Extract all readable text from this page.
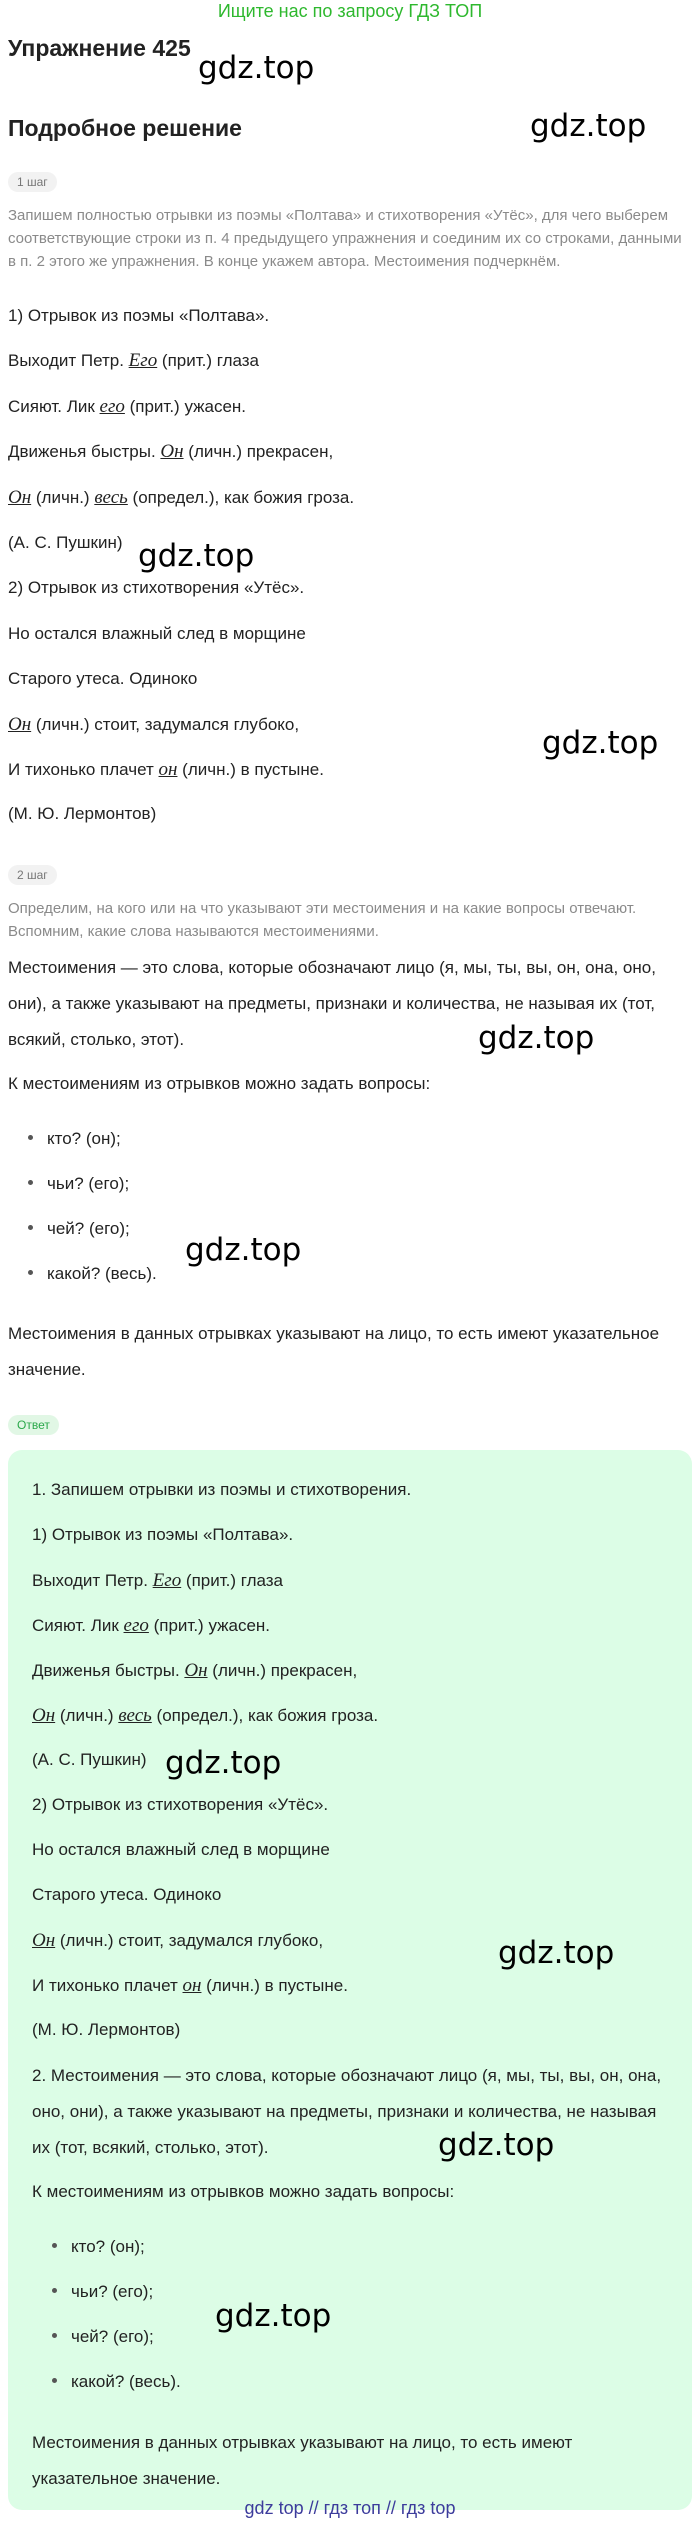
Ищите нас по запросу ГДЗ ТОП
Упражнение 425
gdz.top
Подробное решение	gdz.top
1 шаг
Запишем полностью отрывки из поэмы «Полтава» и стихотворения «Утёс», для чего выберем соответствующие строки из п. 4 предыдущего упражнения и соединим их со строками, данными в п. 2 этого же упражнения. В конце укажем автора. Местоимения подчеркнём.
1) Отрывок из поэмы «Полтава».
Выходит Петр. Его (прит.) глаза
Сияют. Лик его (прит.) ужасен.
Движенья быстры. Он (личн.) прекрасен,
Он (личн.) весь (определ.), как божия гроза.
(А. С. Пушкин) gdz.top
2) Отрывок из стихотворения «Утёс».
Но остался влажный след в морщине
Старого утеса. Одиноко
Он (личн.) стоит, задумался глубоко,
gdz.top
И тихонько плачет он (личн.) в пустыне.
(М. Ю. Лермонтов)
2 шаг
Определим, на кого или на что указывают эти местоимения и на какие вопросы отвечают. Вспомним, какие слова называются местоимениями.
Местоимения — это слова, которые обозначают лицо (я, мы, ты, вы, он, она, оно, они), а также указывают на предметы, признаки и количества, не называя их (тот, всякий, столько, этот).	gdz.top
К местоимениям из отрывков можно задать вопросы:
кто? (он);
чьи? (его);
чей? (его);
какой? (весь).
gdz.top
Местоимения в данных отрывках указывают на лицо, то есть имеют указательное значение.
Ответ
1. Запишем отрывки из поэмы и стихотворения.
1) Отрывок из поэмы «Полтава».
Выходит Петр. Его (прит.) глаза
Сияют. Лик его (прит.) ужасен.
Движенья быстры. Он (личн.) прекрасен,
Он (личн.) весь (определ.), как божия гроза.
(А. С. Пушкин) gdz.top
2) Отрывок из стихотворения «Утёс».
Но остался влажный след в морщине
Старого утеса. Одиноко
Он (личн.) стоит, задумался глубоко,	gdz.top
И тихонько плачет он (личн.) в пустыне.
(М. Ю. Лермонтов)
2. Местоимения — это слова, которые обозначают лицо (я, мы, ты, вы, он, она, оно, они), а также указывают на предметы, признаки и количества, не называя их (тот, всякий, столько, этот).	gdz.top
К местоимениям из отрывков можно задать вопросы:
кто? (он);
чьи? (его);
чей? (его);
какой? (весь).
gdz.top
Местоимения в данных отрывках указывают на лицо, то есть имеют указательное значение.
gdz top // гдз топ // гдз top
